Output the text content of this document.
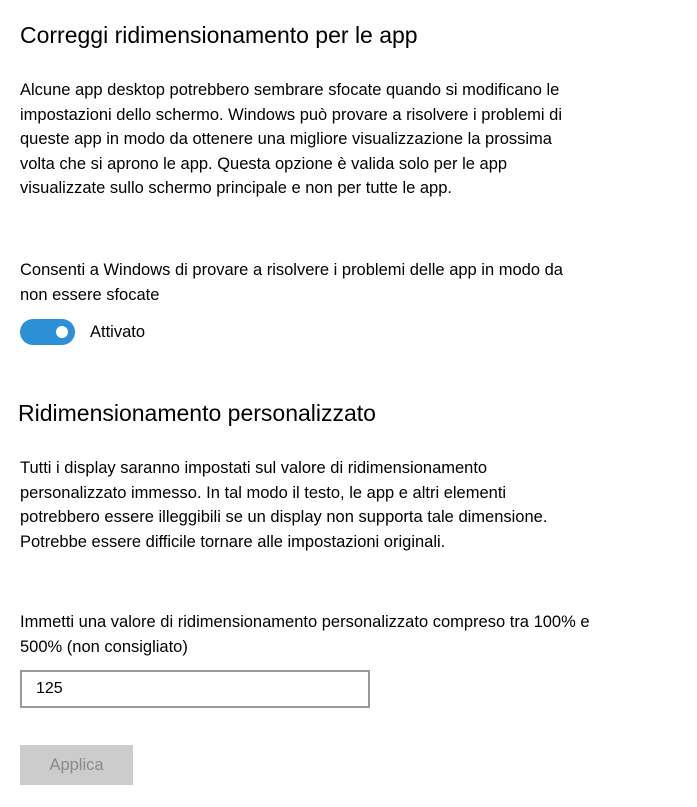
Correggi ridimensionamento per le app

Alcune app desktop potrebbero sembrare sfocate quando si modificano le impostazioni dello schermo. Windows può provare a risolvere i problemi di queste app in modo da ottenere una migliore visualizzazione la prossima volta che si aprono le app. Questa opzione è valida solo per le app visualizzate sullo schermo principale e non per tutte le app.

Consenti a Windows di provare a risolvere i problemi delle app in modo da non essere sfocate

Attivato
Ridimensionamento personalizzato

Tutti i display saranno impostati sul valore di ridimensionamento personalizzato immesso. In tal modo il testo, le app e altri elementi potrebbero essere illeggibili se un display non supporta tale dimensione. Potrebbe essere difficile tornare alle impostazioni originali.

Immetti una valore di ridimensionamento personalizzato compreso tra 100% e 500% (non consigliato)

125
Applica
